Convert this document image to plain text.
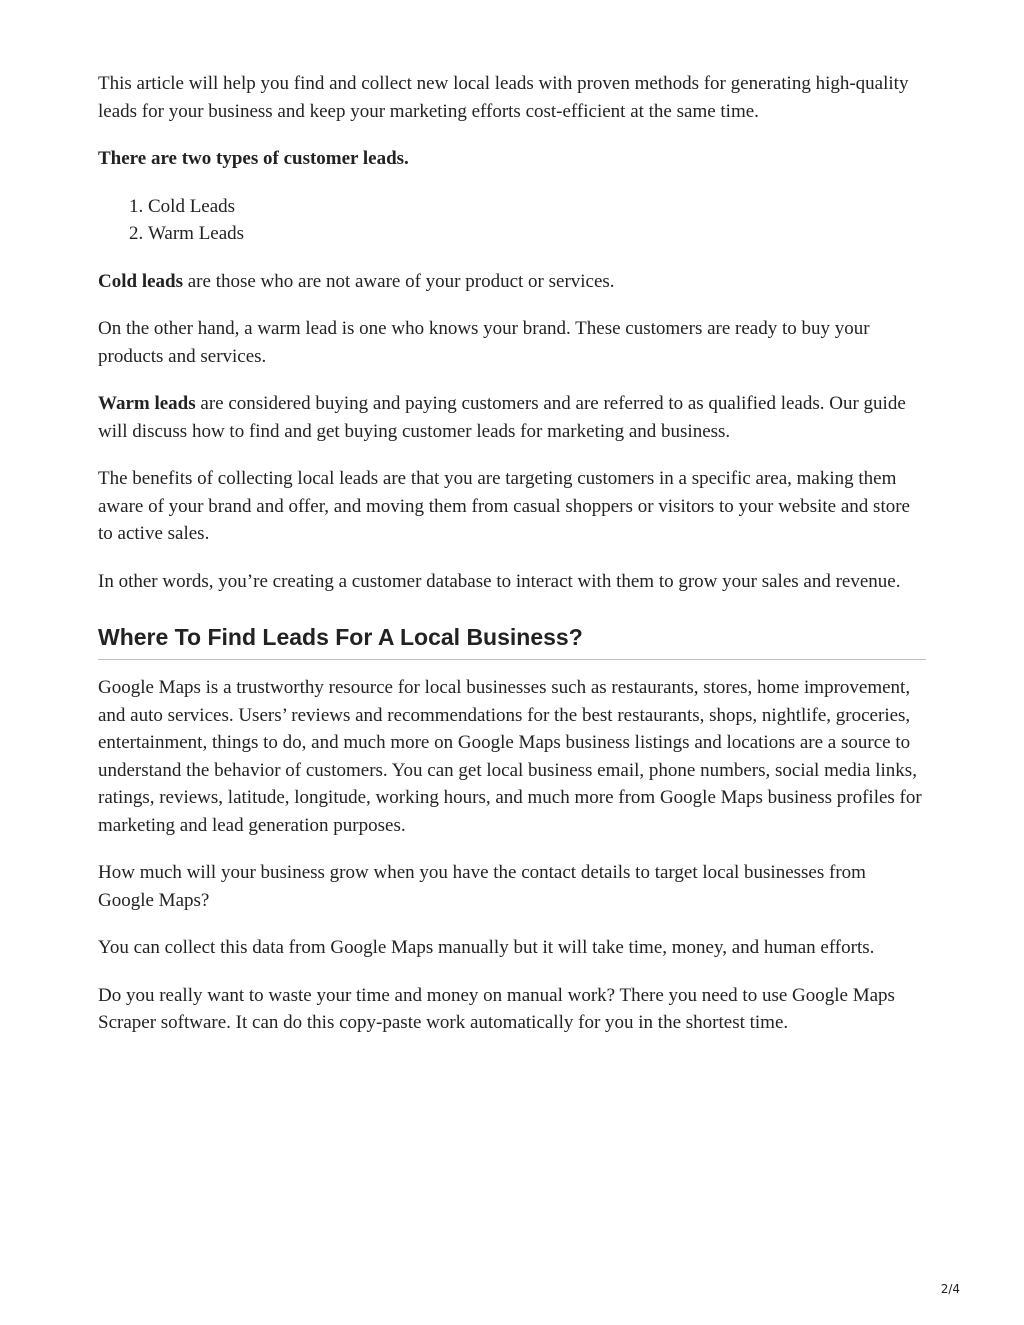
This article will help you find and collect new local leads with proven methods for generating high-quality leads for your business and keep your marketing efforts cost-efficient at the same time.

There are two types of customer leads.

1. Cold Leads
2. Warm Leads

Cold leads are those who are not aware of your product or services.

On the other hand, a warm lead is one who knows your brand. These customers are ready to buy your products and services.

Warm leads are considered buying and paying customers and are referred to as qualified leads. Our guide will discuss how to find and get buying customer leads for marketing and business.

The benefits of collecting local leads are that you are targeting customers in a specific area, making them aware of your brand and offer, and moving them from casual shoppers or visitors to your website and store to active sales.

In other words, you’re creating a customer database to interact with them to grow your sales and revenue.

Where To Find Leads For A Local Business?

Google Maps is a trustworthy resource for local businesses such as restaurants, stores, home improvement, and auto services. Users’ reviews and recommendations for the best restaurants, shops, nightlife, groceries, entertainment, things to do, and much more on Google Maps business listings and locations are a source to understand the behavior of customers. You can get local business email, phone numbers, social media links, ratings, reviews, latitude, longitude, working hours, and much more from Google Maps business profiles for marketing and lead generation purposes.

How much will your business grow when you have the contact details to target local businesses from Google Maps?

You can collect this data from Google Maps manually but it will take time, money, and human efforts.

Do you really want to waste your time and money on manual work? There you need to use Google Maps Scraper software. It can do this copy-paste work automatically for you in the shortest time.

2/4
